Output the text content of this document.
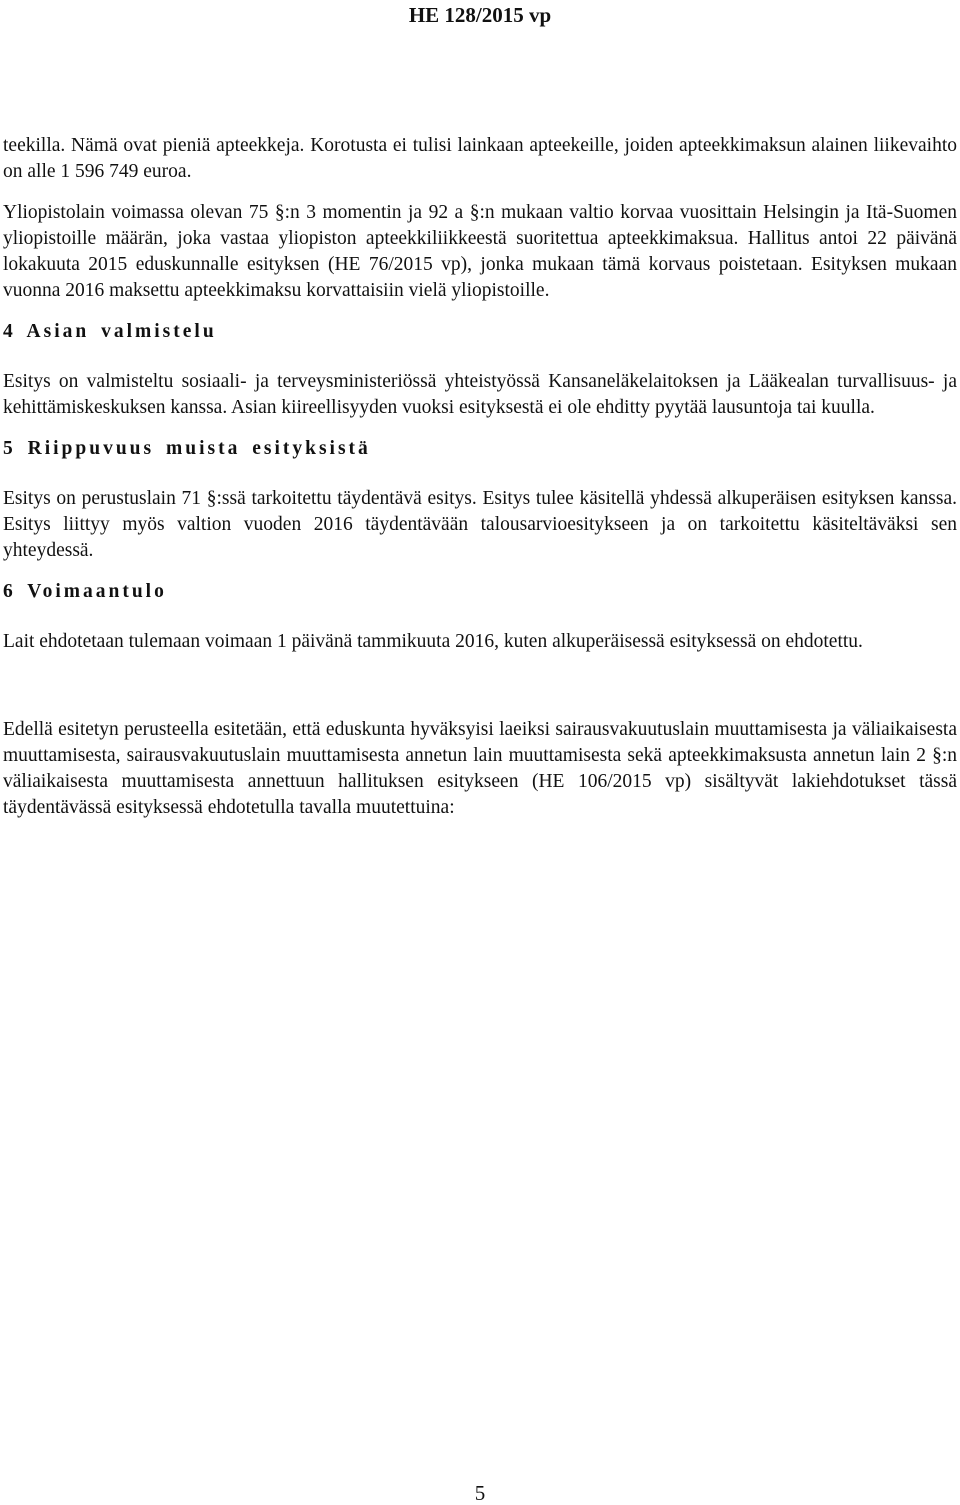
HE 128/2015 vp

teekilla. Nämä ovat pieniä apteekkeja. Korotusta ei tulisi lainkaan apteekeille, joiden apteekkimaksun alainen liikevaihto on alle 1 596 749 euroa.

Yliopistolain voimassa olevan 75 §:n 3 momentin ja 92 a §:n mukaan valtio korvaa vuosittain Helsingin ja Itä-Suomen yliopistoille määrän, joka vastaa yliopiston apteekkiliikkeestä suoritettua apteekkimaksua. Hallitus antoi 22 päivänä lokakuuta 2015 eduskunnalle esityksen (HE 76/2015 vp), jonka mukaan tämä korvaus poistetaan. Esityksen mukaan vuonna 2016 maksettu apteekkimaksu korvattaisiin vielä yliopistoille.

4 Asian valmistelu

Esitys on valmisteltu sosiaali- ja terveysministeriössä yhteistyössä Kansaneläkelaitoksen ja Lääkealan turvallisuus- ja kehittämiskeskuksen kanssa. Asian kiireellisyyden vuoksi esityksestä ei ole ehditty pyytää lausuntoja tai kuulla.

5 Riippuvuus muista esityksistä

Esitys on perustuslain 71 §:ssä tarkoitettu täydentävä esitys. Esitys tulee käsitellä yhdessä alkuperäisen esityksen kanssa. Esitys liittyy myös valtion vuoden 2016 täydentävään talousarvioesitykseen ja on tarkoitettu käsiteltäväksi sen yhteydessä.

6 Voimaantulo

Lait ehdotetaan tulemaan voimaan 1 päivänä tammikuuta 2016, kuten alkuperäisessä esityksessä on ehdotettu.

Edellä esitetyn perusteella esitetään, että eduskunta hyväksyisi laeiksi sairausvakuutuslain muuttamisesta ja väliaikaisesta muuttamisesta, sairausvakuutuslain muuttamisesta annetun lain muuttamisesta sekä apteekkimaksusta annetun lain 2 §:n väliaikaisesta muuttamisesta annettuun hallituksen esitykseen (HE 106/2015 vp) sisältyvät lakiehdotukset tässä täydentävässä esityksessä ehdotetulla tavalla muutettuina:

5
